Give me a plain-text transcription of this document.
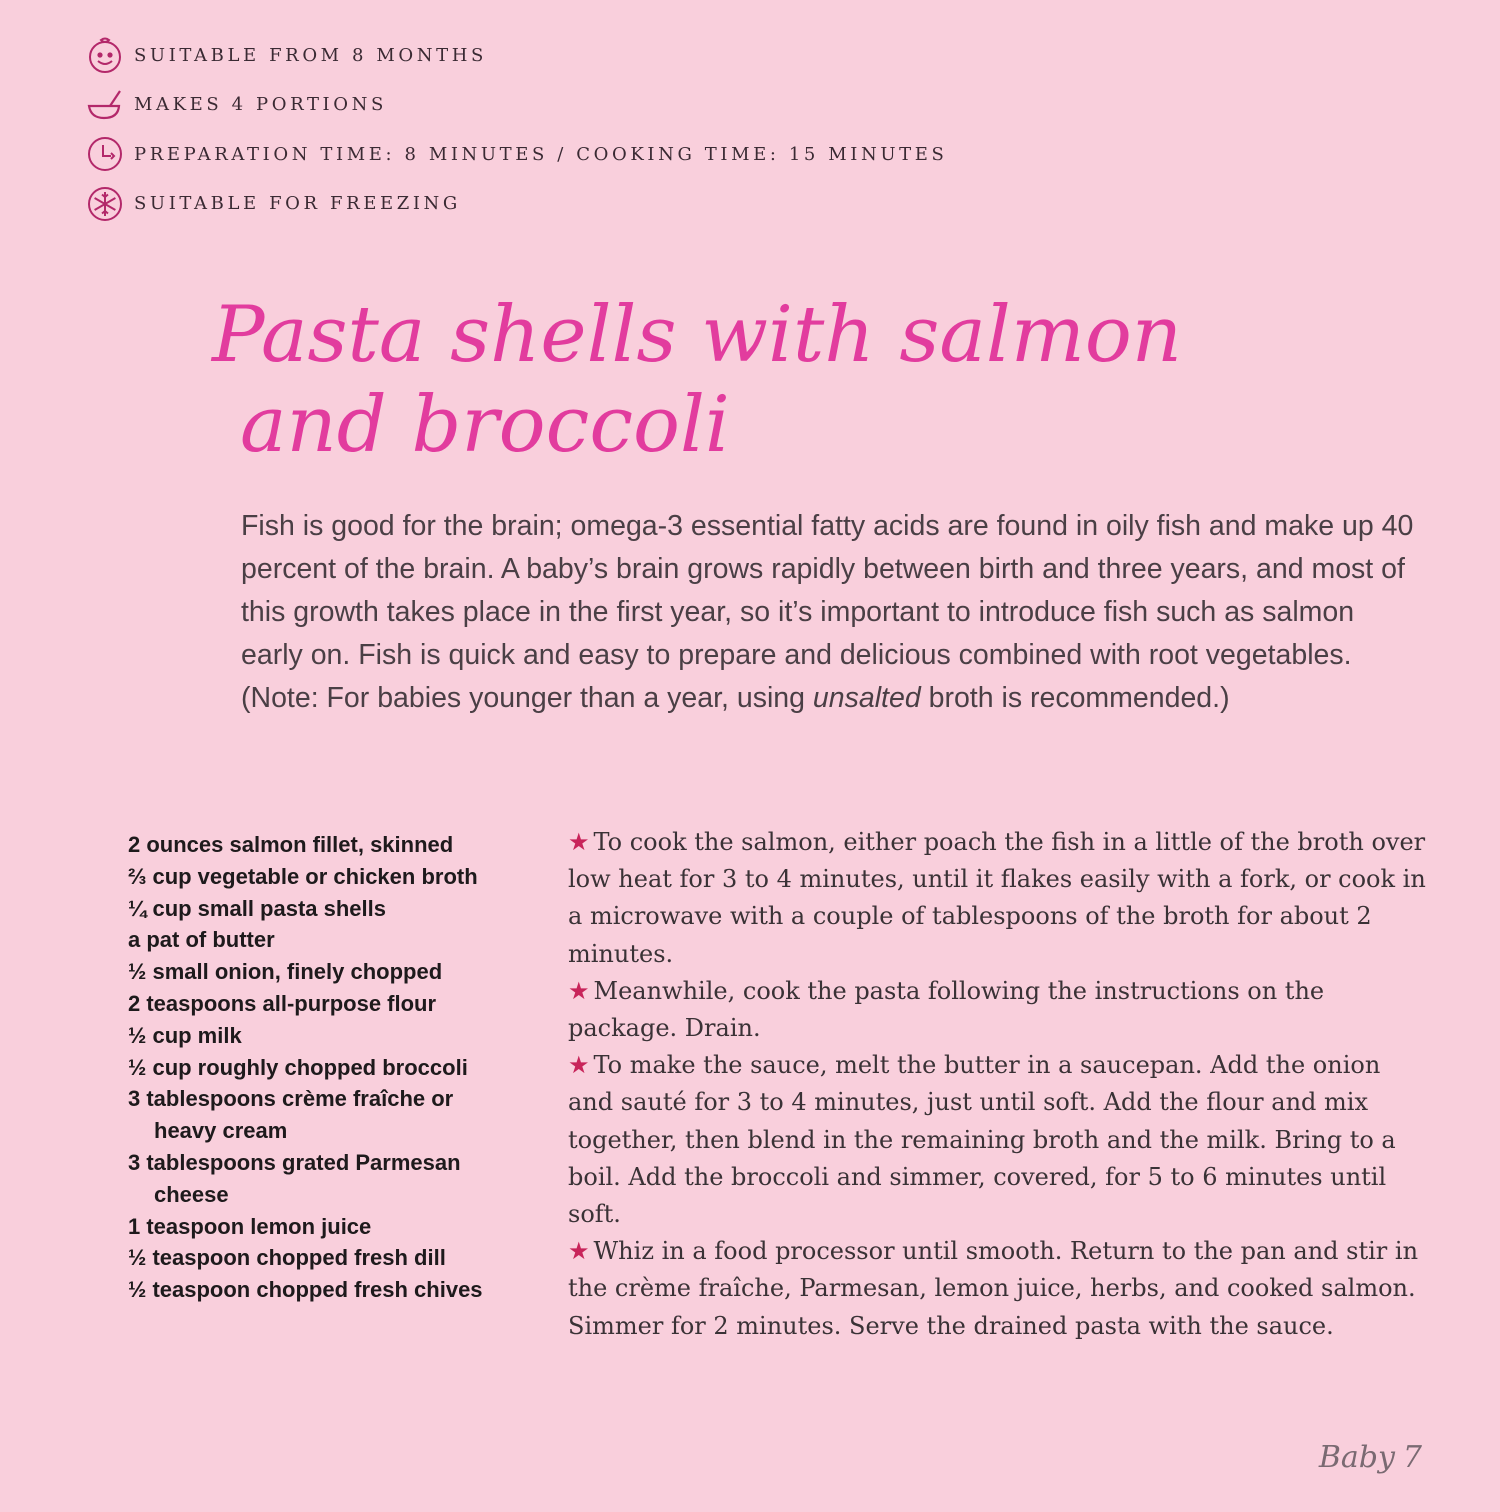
SUITABLE FROM 8 MONTHS
MAKES 4 PORTIONS
PREPARATION TIME: 8 MINUTES / COOKING TIME: 15 MINUTES
SUITABLE FOR FREEZING
Pasta shells with salmon
and broccoli

Fish is good for the brain; omega-3 essential fatty acids are found in oily fish and make up 40 percent of the brain. A baby’s brain grows rapidly between birth and three years, and most of this growth takes place in the first year, so it’s important to introduce fish such as salmon early on. Fish is quick and easy to prepare and delicious combined with root vegetables. (Note: For babies younger than a year, using unsalted broth is recommended.)

2 ounces salmon fillet, skinned
⅔ cup vegetable or chicken broth
¼ cup small pasta shells
a pat of butter
½ small onion, finely chopped
2 teaspoons all-purpose flour
½ cup milk
½ cup roughly chopped broccoli
3 tablespoons crème fraîche or heavy cream
3 tablespoons grated Parmesan cheese
1 teaspoon lemon juice
½ teaspoon chopped fresh dill
½ teaspoon chopped fresh chives

★ To cook the salmon, either poach the fish in a little of the broth over low heat for 3 to 4 minutes, until it flakes easily with a fork, or cook in a microwave with a couple of tablespoons of the broth for about 2 minutes.

★ Meanwhile, cook the pasta following the instructions on the package. Drain.

★ To make the sauce, melt the butter in a saucepan. Add the onion and sauté for 3 to 4 minutes, just until soft. Add the flour and mix together, then blend in the remaining broth and the milk. Bring to a boil. Add the broccoli and simmer, covered, for 5 to 6 minutes until soft.

★ Whiz in a food processor until smooth. Return to the pan and stir in the crème fraîche, Parmesan, lemon juice, herbs, and cooked salmon. Simmer for 2 minutes. Serve the drained pasta with the sauce.

Baby 7
